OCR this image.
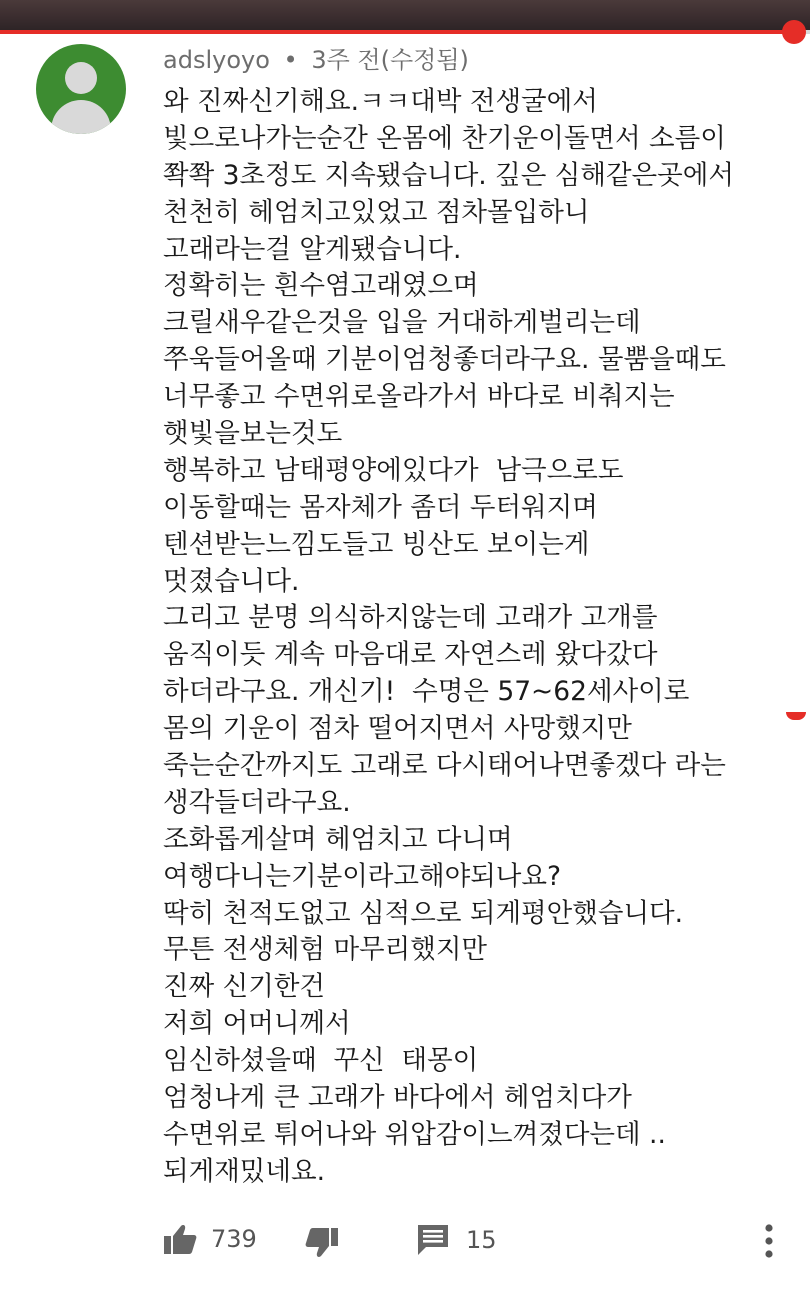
adslyoyo • 3주 전(수정됨)
와 진짜신기해요.ㅋㅋ대박 전생굴에서
빛으로나가는순간 온몸에 찬기운이돌면서 소름이
쫙쫙 3초정도 지속됐습니다. 깊은 심해같은곳에서
천천히 헤엄치고있었고 점차몰입하니
고래라는걸 알게됐습니다.
정확히는 흰수염고래였으며
크릴새우같은것을 입을 거대하게벌리는데
쭈욱들어올때 기분이엄청좋더라구요. 물뿜을때도
너무좋고 수면위로올라가서 바다로 비춰지는
햇빛을보는것도
행복하고 남태평양에있다가  남극으로도
이동할때는 몸자체가 좀더 두터워지며
텐션받는느낌도들고 빙산도 보이는게
멋졌습니다.
그리고 분명 의식하지않는데 고래가 고개를
움직이듯 계속 마음대로 자연스레 왔다갔다
하더라구요. 개신기!  수명은 57~62세사이로
몸의 기운이 점차 떨어지면서 사망했지만
죽는순간까지도 고래로 다시태어나면좋겠다 라는
생각들더라구요.
조화롭게살며 헤엄치고 다니며
여행다니는기분이라고해야되나요?
딱히 천적도없고 심적으로 되게평안했습니다.
무튼 전생체험 마무리했지만
진짜 신기한건
저희 어머니께서
임신하셨을때  꾸신  태몽이
엄청나게 큰 고래가 바다에서 헤엄치다가
수면위로 튀어나와 위압감이느껴졌다는데 ..
되게재밌네요.
739	15
